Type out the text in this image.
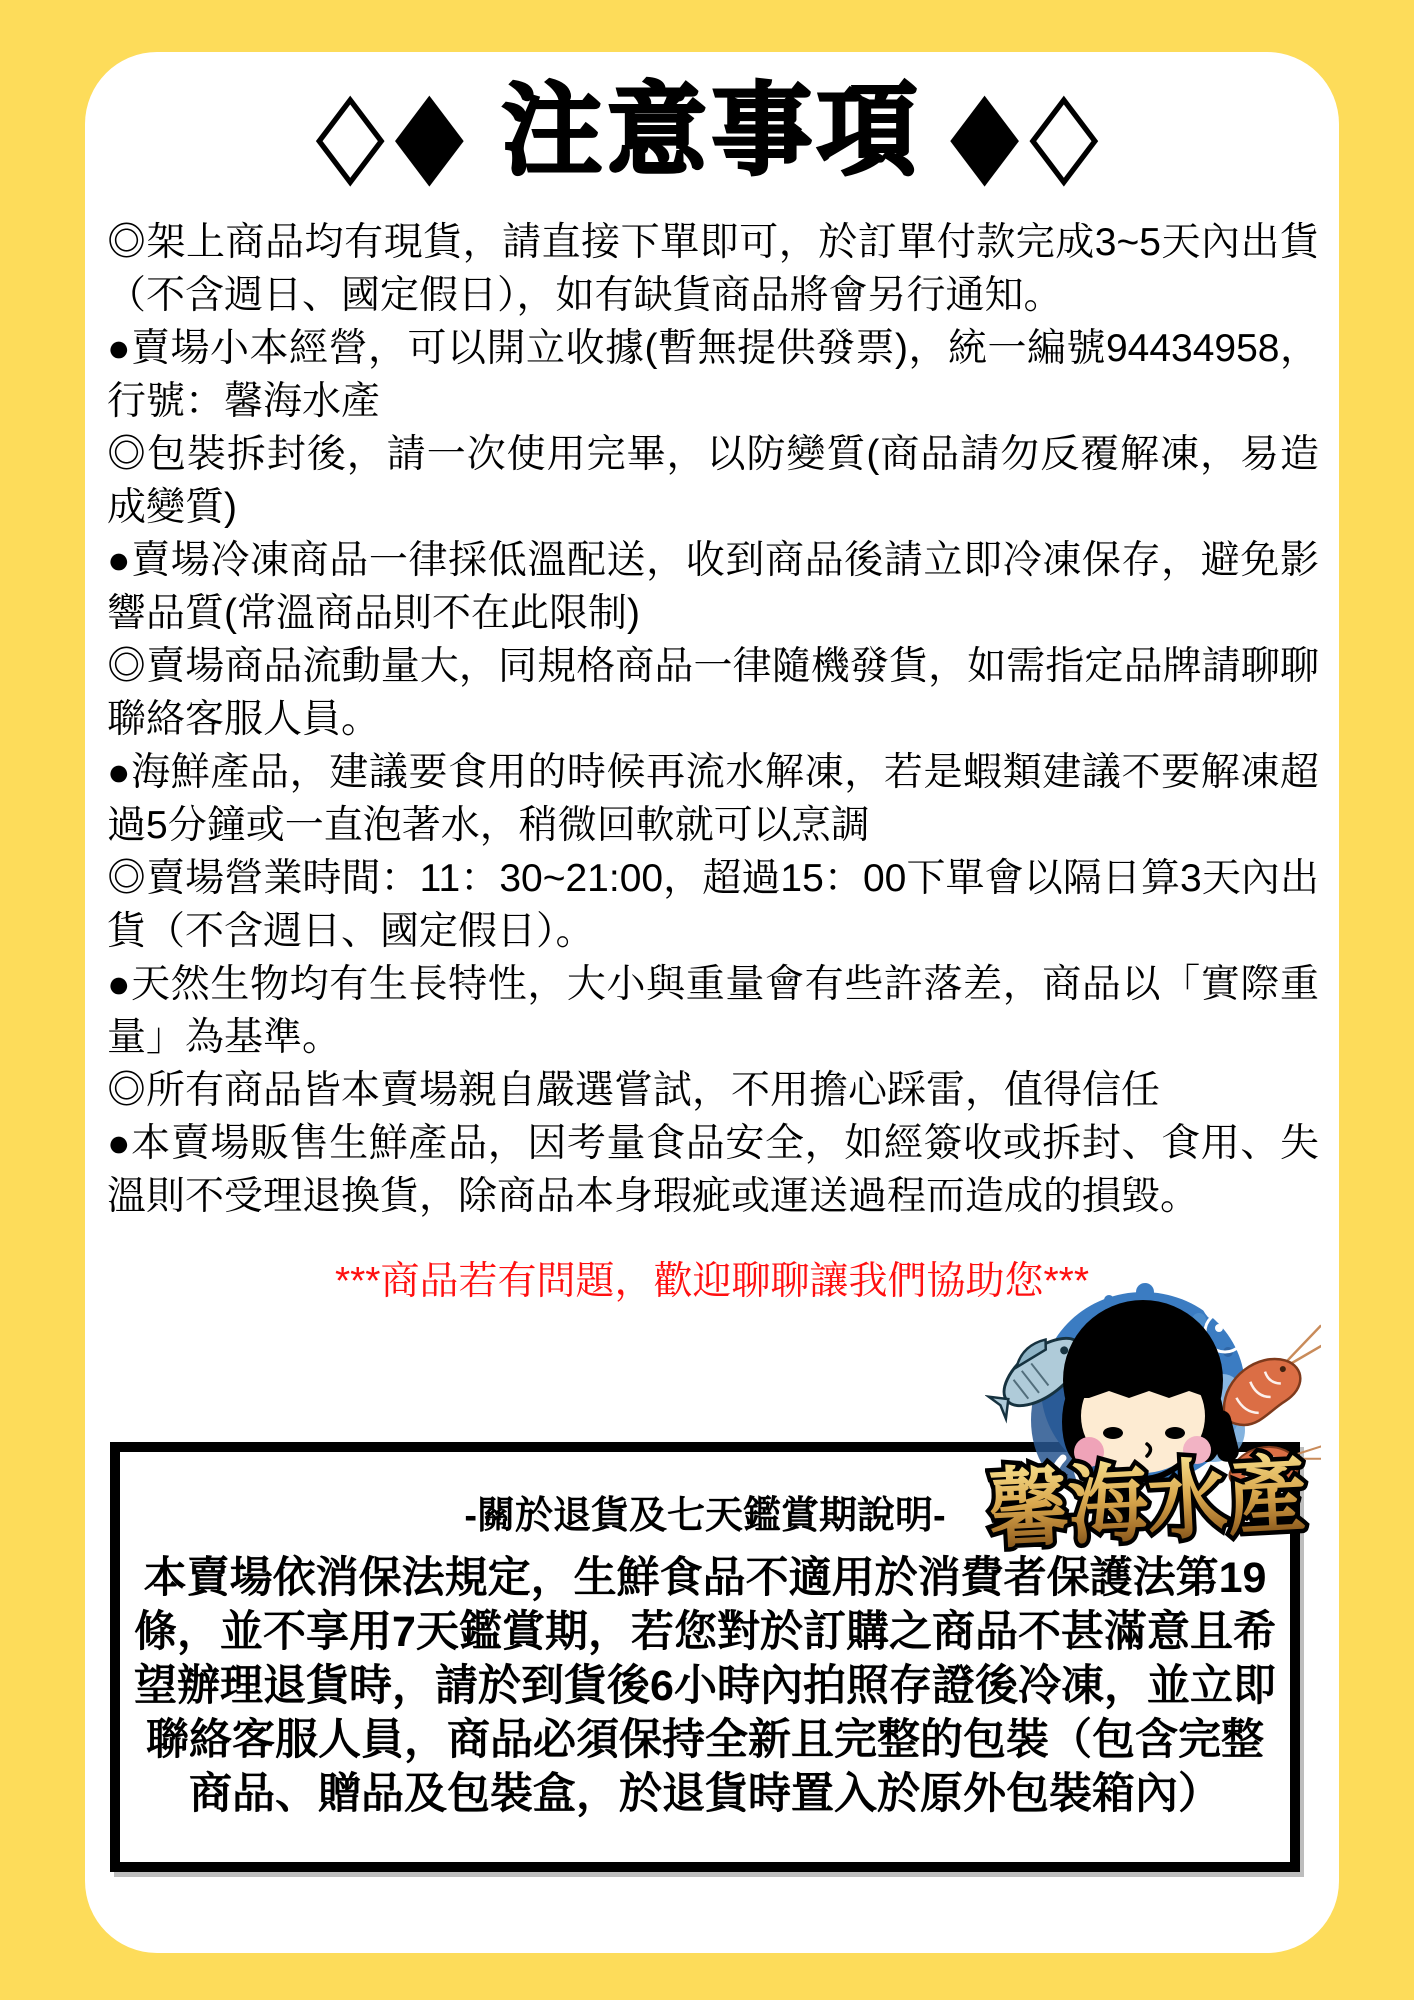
◇◆ 注意事項 ◆◇

◎架上商品均有現貨，請直接下單即可，於訂單付款完成3~5天內出貨（不含週日、國定假日），如有缺貨商品將會另行通知。

●賣場小本經營，可以開立收據(暫無提供發票)，統一編號94434958，行號：馨海水產

◎包裝拆封後，請一次使用完畢，以防變質(商品請勿反覆解凍，易造成變質)

●賣場冷凍商品一律採低溫配送，收到商品後請立即冷凍保存，避免影響品質(常溫商品則不在此限制)

◎賣場商品流動量大，同規格商品一律隨機發貨，如需指定品牌請聊聊聯絡客服人員。

●海鮮產品，建議要食用的時候再流水解凍，若是蝦類建議不要解凍超過5分鐘或一直泡著水，稍微回軟就可以烹調

◎賣場營業時間：11：30~21:00，超過15：00下單會以隔日算3天內出貨（不含週日、國定假日）。

●天然生物均有生長特性，大小與重量會有些許落差，商品以「實際重量」為基準。

◎所有商品皆本賣場親自嚴選嘗試，不用擔心踩雷，值得信任

●本賣場販售生鮮產品，因考量食品安全，如經簽收或拆封、食用、失溫則不受理退換貨，除商品本身瑕疵或運送過程而造成的損毀。

***商品若有問題，歡迎聊聊讓我們協助您***
-關於退貨及七天鑑賞期說明-
本賣場依消保法規定，生鮮食品不適用於消費者保護法第19
條，並不享用7天鑑賞期，若您對於訂購之商品不甚滿意且希
望辦理退貨時，請於到貨後6小時內拍照存證後冷凍，並立即
聯絡客服人員，商品必須保持全新且完整的包裝（包含完整
商品、贈品及包裝盒，於退貨時置入於原外包裝箱內）
馨海水產
